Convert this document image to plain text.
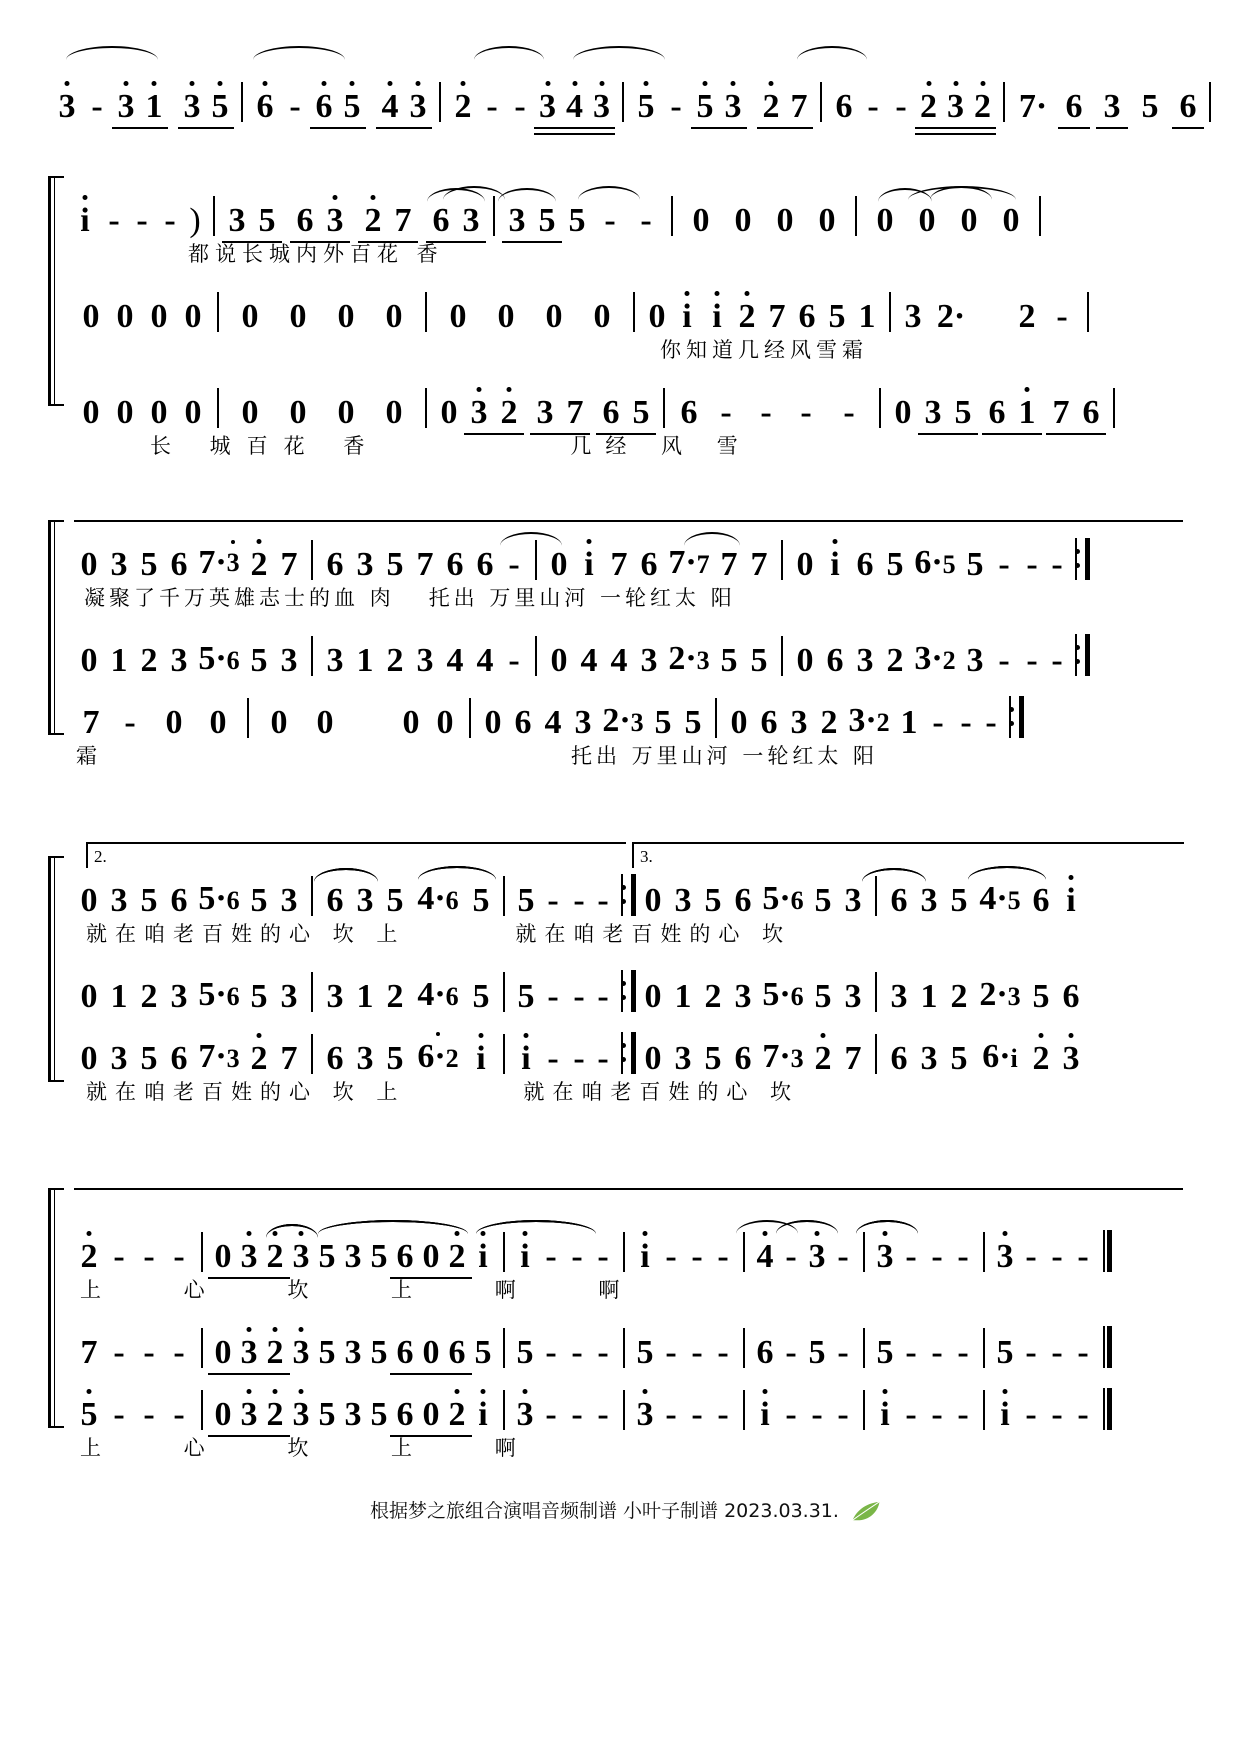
3 - 3 1 3 5 6 - 6 5 4 3 2 - - 3 4 3 5 - 5 3 2 7 6 - - 2 3 2 7· 6 3 5 6
i - - - ) 3 5 6 3 2 7 6 3 3 5 5 - -	0 0 0 0	0 0 0 0
都说长城内外百花 香
0 0 0 0	0 0 0 0	0 0 0 0	0 i i 2 7 6 5 1 3 2· 2 -
你知道几经风雪霜
0 0 0 0	0 0 0 0	0 3 2 3 7 6 5 6 - - - -	0 3 5 6 1 7 6
长 城百花 香	几经 风 雪
0 3 5 6 7·3 2 7 6 3 5 7 6 6 - 0 i 7 6 7·7 7 7 0 i 6 5 6·5 5 - - -
凝聚了千万英雄志士的血 肉 托出 万里山河 一轮红太 阳
0 1 2 3 5·6 5 3 3 1 2 3 4 4 - 0 4 4 3 2·3 5 5 0 6 3 2 3·2 3 - - -
7 - 0 0	0 0	0 0 0 6 4 3 2·3 5 5 0 6 3 2 3·2 1 - - -
霜	托出 万里山河 一轮红太 阳
2.	3.
0 3 5 6 5·6 5 3 6 3 5 4·6 5 5 - - - 0 3 5 6 5·6 5 3 6 3 5 4·5 6 i
就在咱老百姓的心 坎 上	就在咱老百姓的心 坎
0 1 2 3 5·6 5 3 3 1 2 4·6 5 5 - - - 0 1 2 3 5·6 5 3 3 1 2 2·3 5 6
0 3 5 6 7·3 2 7 6 3 5 6·2 i	i - - - 0 3 5 6 7·3 2 7 6 3 5 6·i 2 3
就在咱老百姓的心 坎 上	就在咱老百姓的心 坎
2 - - - 0 3 2 3 5 3 5 6 0 2 i i - - - i - - - 4 - 3 - 3 - - - 3 - - -
上 心 坎 上 啊 啊
7 - - - 0 3 2 3 5 3 5 6 0 6 5 5 - - - 5 - - - 6 - 5 - 5 - - - 5 - - -
5 - - - 0 3 2 3 5 3 5 6 0 2 i 3 - - - 3 - - - i - - - i - - - i - - -
上 心 坎 上 啊
根据梦之旅组合演唱音频制谱 小叶子制谱 2023.03.31.
